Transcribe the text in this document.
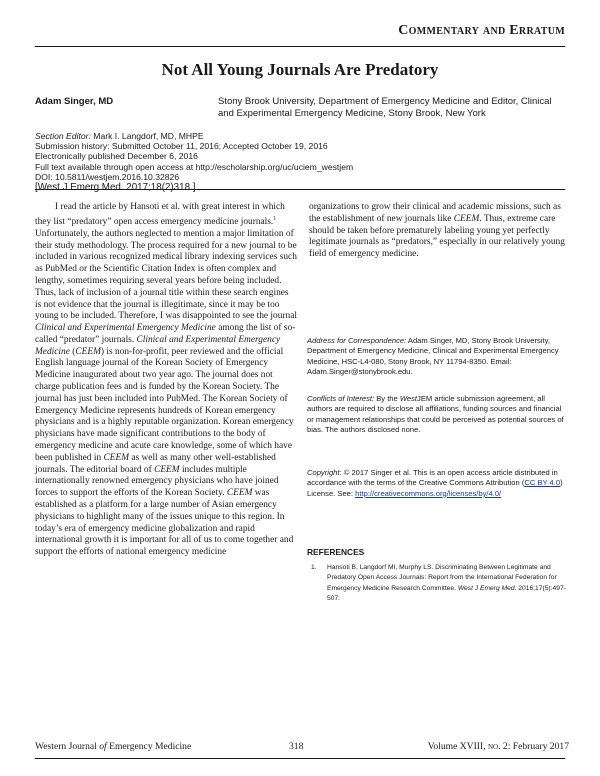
Commentary and Erratum
Not All Young Journals Are Predatory
Adam Singer, MD	Stony Brook University, Department of Emergency Medicine and Editor, Clinical and Experimental Emergency Medicine, Stony Brook, New York
Section Editor: Mark I. Langdorf, MD, MHPE
Submission history: Submitted October 11, 2016; Accepted October 19, 2016
Electronically published December 6, 2016
Full text available through open access at http://escholarship.org/uc/uciem_westjem
DOI: 10.5811/westjem.2016.10.32826
[West J Emerg Med. 2017;18(2)318.]

I read the article by Hansoti et al. with great interest in which they list “predatory” open access emergency medicine journals.$^1$ Unfortunately, the authors neglected to mention a major limitation of their study methodology. The process required for a new journal to be included in various recognized medical library indexing services such as PubMed or the Scientific Citation Index is often complex and lengthy, sometimes requiring several years before being included. Thus, lack of inclusion of a journal title within these search engines is not evidence that the journal is illegitimate, since it may be too young to be included. Therefore, I was disappointed to see the journal Clinical and Experimental Emergency Medicine among the list of so-called “predator” journals. Clinical and Experimental Emergency Medicine (CEEM) is non-for-profit, peer reviewed and the official English language journal of the Korean Society of Emergency Medicine inaugurated about two year ago. The journal does not charge publication fees and is funded by the Korean Society. The journal has just been included into PubMed. The Korean Society of Emergency Medicine represents hundreds of Korean emergency physicians and is a highly reputable organization. Korean emergency physicians have made significant contributions to the body of emergency medicine and acute care knowledge, some of which have been published in CEEM as well as many other well-established journals. The editorial board of CEEM includes multiple internationally renowned emergency physicians who have joined forces to support the efforts of the Korean Society. CEEM was established as a platform for a large number of Asian emergency physicians to highlight many of the issues unique to this region. In today’s era of emergency medicine globalization and rapid international growth it is important for all of us to come together and support the efforts of national emergency medicine

organizations to grow their clinical and academic missions, such as the establishment of new journals like CEEM. Thus, extreme care should be taken before prematurely labeling young yet perfectly legitimate journals as “predators,” especially in our relatively young field of emergency medicine.

Address for Correspondence: Adam Singer, MD, Stony Brook University, Department of Emergency Medicine, Clinical and Experimental Emergency Medicine, HSC-L4-080, Stony Brook, NY 11794-8350. Email: Adam.Singer@stonybrook.edu.

Conflicts of Interest: By the WestJEM article submission agreement, all authors are required to disclose all affiliations, funding sources and financial or management relationships that could be perceived as potential sources of bias. The authors disclosed none.

Copyright: © 2017 Singer et al. This is an open access article distributed in accordance with the terms of the Creative Commons Attribution (CC BY 4.0) License. See: http://creativecommons.org/licenses/by/4.0/

REFERENCES
1. Hansoti B, Langdorf MI, Murphy LS. Discriminating Between Legitimate and Predatory Open Access Journals: Report from the International Federation for Emergency Medicine Research Committee. West J Emerg Med. 2016;17(5):497-507.
Western Journal of Emergency Medicine	318	Volume XVIII, no. 2: February 2017
